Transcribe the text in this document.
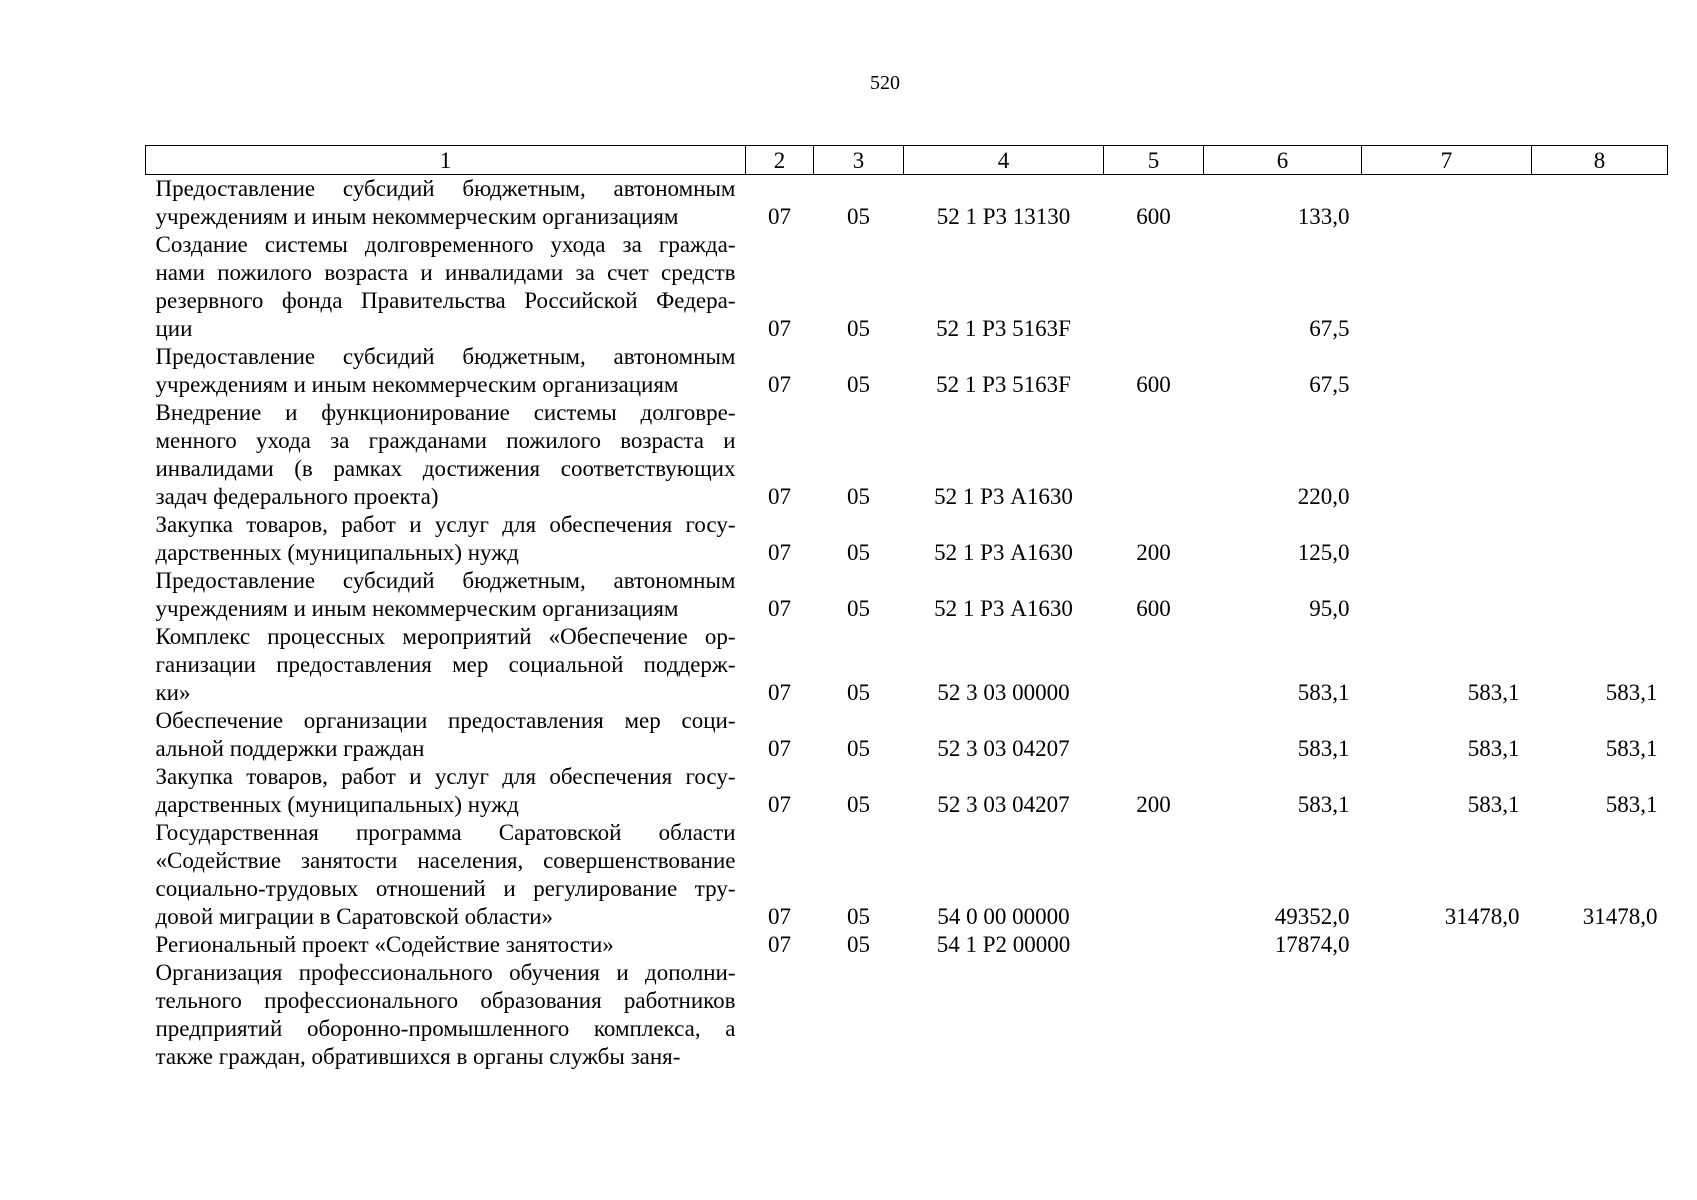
520
1	2	3	4	5	6	7	8

Предоставление субсидий бюджетным, автономным
учреждениям и иным некоммерческим организациям	07	05	52 1 Р3 13130	600	133,0		

Создание системы долговременного ухода за гражда-
нами пожилого возраста и инвалидами за счет средств
резервного фонда Правительства Российской Федера-
ции	07	05	52 1 Р3 5163F		67,5		

Предоставление субсидий бюджетным, автономным
учреждениям и иным некоммерческим организациям	07	05	52 1 Р3 5163F	600	67,5		

Внедрение и функционирование системы долговре-
менного ухода за гражданами пожилого возраста и
инвалидами (в рамках достижения соответствующих
задач федерального проекта)	07	05	52 1 Р3 А1630		220,0		

Закупка товаров, работ и услуг для обеспечения госу-
дарственных (муниципальных) нужд	07	05	52 1 Р3 А1630	200	125,0		

Предоставление субсидий бюджетным, автономным
учреждениям и иным некоммерческим организациям	07	05	52 1 Р3 А1630	600	95,0		

Комплекс процессных мероприятий «Обеспечение ор-
ганизации предоставления мер социальной поддерж-
ки»	07	05	52 3 03 00000		583,1	583,1	583,1

Обеспечение организации предоставления мер соци-
альной поддержки граждан	07	05	52 3 03 04207		583,1	583,1	583,1

Закупка товаров, работ и услуг для обеспечения госу-
дарственных (муниципальных) нужд	07	05	52 3 03 04207	200	583,1	583,1	583,1

Государственная программа Саратовской области
«Содействие занятости населения, совершенствование
социально-трудовых отношений и регулирование тру-
довой миграции в Саратовской области»	07	05	54 0 00 00000		49352,0	31478,0	31478,0

Региональный проект «Содействие занятости»	07	05	54 1 Р2 00000		17874,0		

Организация профессионального обучения и дополни-
тельного профессионального образования работников
предприятий оборонно-промышленного комплекса, а
также граждан, обратившихся в органы службы заня-							
